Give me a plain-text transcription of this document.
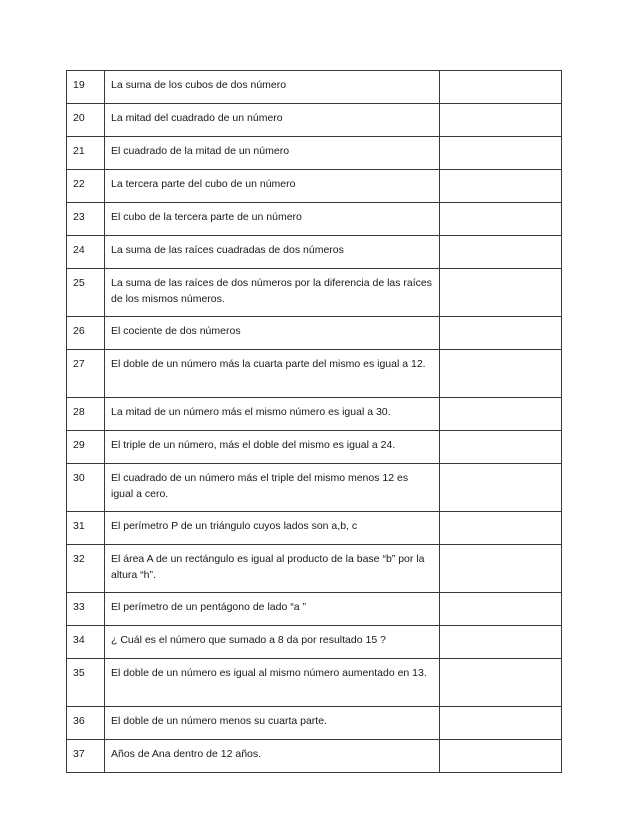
19	La suma de los cubos de dos número	
20	La mitad del cuadrado de un número	
21	El cuadrado de la mitad de un número	
22	La tercera parte del cubo de un número	
23	El cubo de la tercera parte de un número	
24	La suma de las raíces cuadradas de dos números	
25	La suma de las raíces de dos números por la diferencia de las raíces de los mismos números.	
26	El cociente de dos números	
27	El doble de un número más la cuarta parte del mismo es igual a 12.	
28	La mitad de un número más el mismo número es igual a 30.	
29	El triple de un número, más el doble del mismo es igual a 24.	
30	El cuadrado de un número más el triple del mismo menos 12 es igual a cero.	
31	El perímetro P de un triángulo cuyos lados son a,b, c	
32	El área A de un rectángulo es igual al producto de la base “b” por la altura “h”.	
33	El perímetro de un pentágono de lado “a ”	
34	¿ Cuál es el número que sumado a 8 da por resultado 15 ?	
35	El doble de un número es igual al mismo número aumentado en 13.	
36	El doble de un número menos su cuarta parte.	
37	Años de Ana dentro de 12 años.	
